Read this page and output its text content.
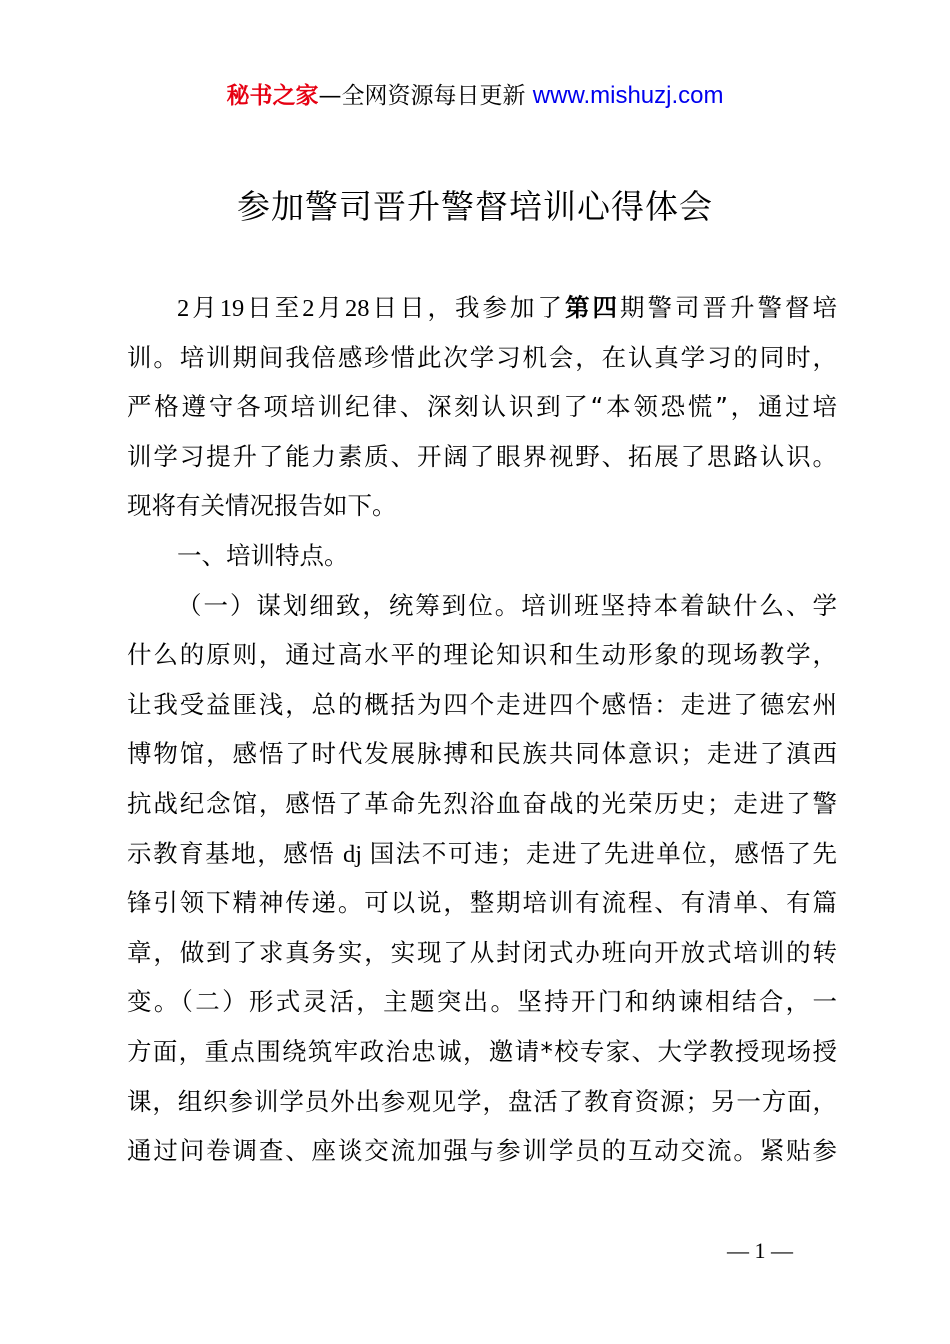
秘书之家—全网资源每日更新 www.mishuzj.com
参加警司晋升警督培训心得体会
2月19日至2月28日日，我参加了第四期警司晋升警督培
训。培训期间我倍感珍惜此次学习机会，在认真学习的同时，
严格遵守各项培训纪律、深刻认识到了“本领恐慌”，通过培
训学习提升了能力素质、开阔了眼界视野、拓展了思路认识。
现将有关情况报告如下。
一、培训特点。
（一）谋划细致，统筹到位。培训班坚持本着缺什么、学
什么的原则，通过高水平的理论知识和生动形象的现场教学，
让我受益匪浅，总的概括为四个走进四个感悟：走进了德宏州
博物馆，感悟了时代发展脉搏和民族共同体意识；走进了滇西
抗战纪念馆，感悟了革命先烈浴血奋战的光荣历史；走进了警
示教育基地，感悟 dj 国法不可违；走进了先进单位，感悟了先
锋引领下精神传递。可以说，整期培训有流程、有清单、有篇
章，做到了求真务实，实现了从封闭式办班向开放式培训的转
变。（二）形式灵活，主题突出。坚持开门和纳谏相结合，一
方面，重点围绕筑牢政治忠诚，邀请*校专家、大学教授现场授
课，组织参训学员外出参观见学，盘活了教育资源；另一方面，
通过问卷调查、座谈交流加强与参训学员的互动交流。紧贴参
— 1 —
